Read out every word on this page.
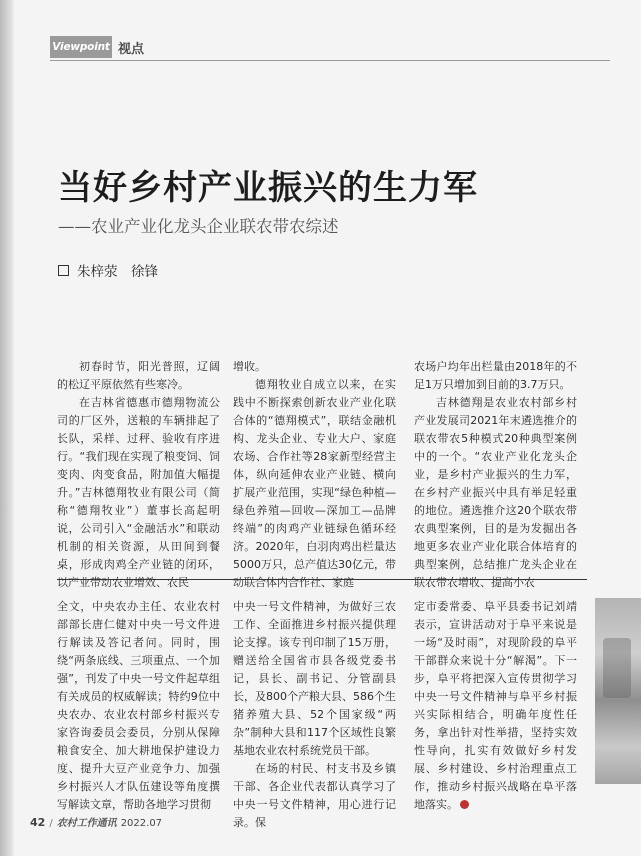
Viewpoint 视点
当好乡村产业振兴的生力军
——农业产业化龙头企业联农带农综述
朱梓荥　徐锋

初春时节，阳光普照，辽阔的松辽平原依然有些寒冷。

在吉林省德惠市德翔物流公司的厂区外，送粮的车辆排起了长队，采样、过秤、验收有序进行。“我们现在实现了粮变饲、饲变肉、肉变食品，附加值大幅提升。”吉林德翔牧业有限公司（简称“德翔牧业”）董事长高起明说，公司引入“金融活水”和联动机制的相关资源，从田间到餐桌，形成肉鸡全产业链的闭环，以产业带动农业增效、农民

增收。

德翔牧业自成立以来，在实践中不断探索创新农业产业化联合体的“德翔模式”，联结金融机构、龙头企业、专业大户、家庭农场、合作社等28家新型经营主体，纵向延伸农业产业链、横向扩展产业范围，实现“绿色种植—绿色养殖—回收—深加工—品牌终端”的肉鸡产业链绿色循环经济。2020年，白羽肉鸡出栏量达5000万只，总产值达30亿元，带动联合体内合作社、家庭

农场户均年出栏量由2018年的不足1万只增加到目前的3.7万只。

吉林德翔是农业农村部乡村产业发展司2021年末遴选推介的联农带农5种模式20种典型案例中的一个。“农业产业化龙头企业，是乡村产业振兴的生力军，在乡村产业振兴中具有举足轻重的地位。遴选推介这20个联农带农典型案例，目的是为发掘出各地更多农业产业化联合体培育的典型案例，总结推广龙头企业在联农带农增收、提高小农

全文，中央农办主任、农业农村部部长唐仁健对中央一号文件进行解读及答记者问。同时，围绕“两条底线、三项重点、一个加强”，刊发了中央一号文件起草组有关成员的权威解读；特约9位中央农办、农业农村部乡村振兴专家咨询委员会委员，分别从保障粮食安全、加大耕地保护建设力度、提升大豆产业竞争力、加强乡村振兴人才队伍建设等角度撰写解读文章，帮助各地学习贯彻

中央一号文件精神，为做好三农工作、全面推进乡村振兴提供理论支撑。该专刊印制了15万册，赠送给全国省市县各级党委书记，县长、副书记、分管副县长，及800个产粮大县、586个生猪养殖大县、52个国家级“两杂”制种大县和117个区域性良繁基地农业农村系统党员干部。

在场的村民、村支书及乡镇干部、各企业代表都认真学习了中央一号文件精神，用心进行记录。保

定市委常委、阜平县委书记刘靖表示，宣讲活动对于阜平来说是一场“及时雨”，对现阶段的阜平干部群众来说十分“解渴”。下一步，阜平将把深入宣传贯彻学习中央一号文件精神与阜平乡村振兴实际相结合，明确年度性任务，拿出针对性举措，坚持实效性导向，扎实有效做好乡村发展、乡村建设、乡村治理重点工作，推动乡村振兴战略在阜平落地落实。

42 / 农村工作通讯 2022.07
